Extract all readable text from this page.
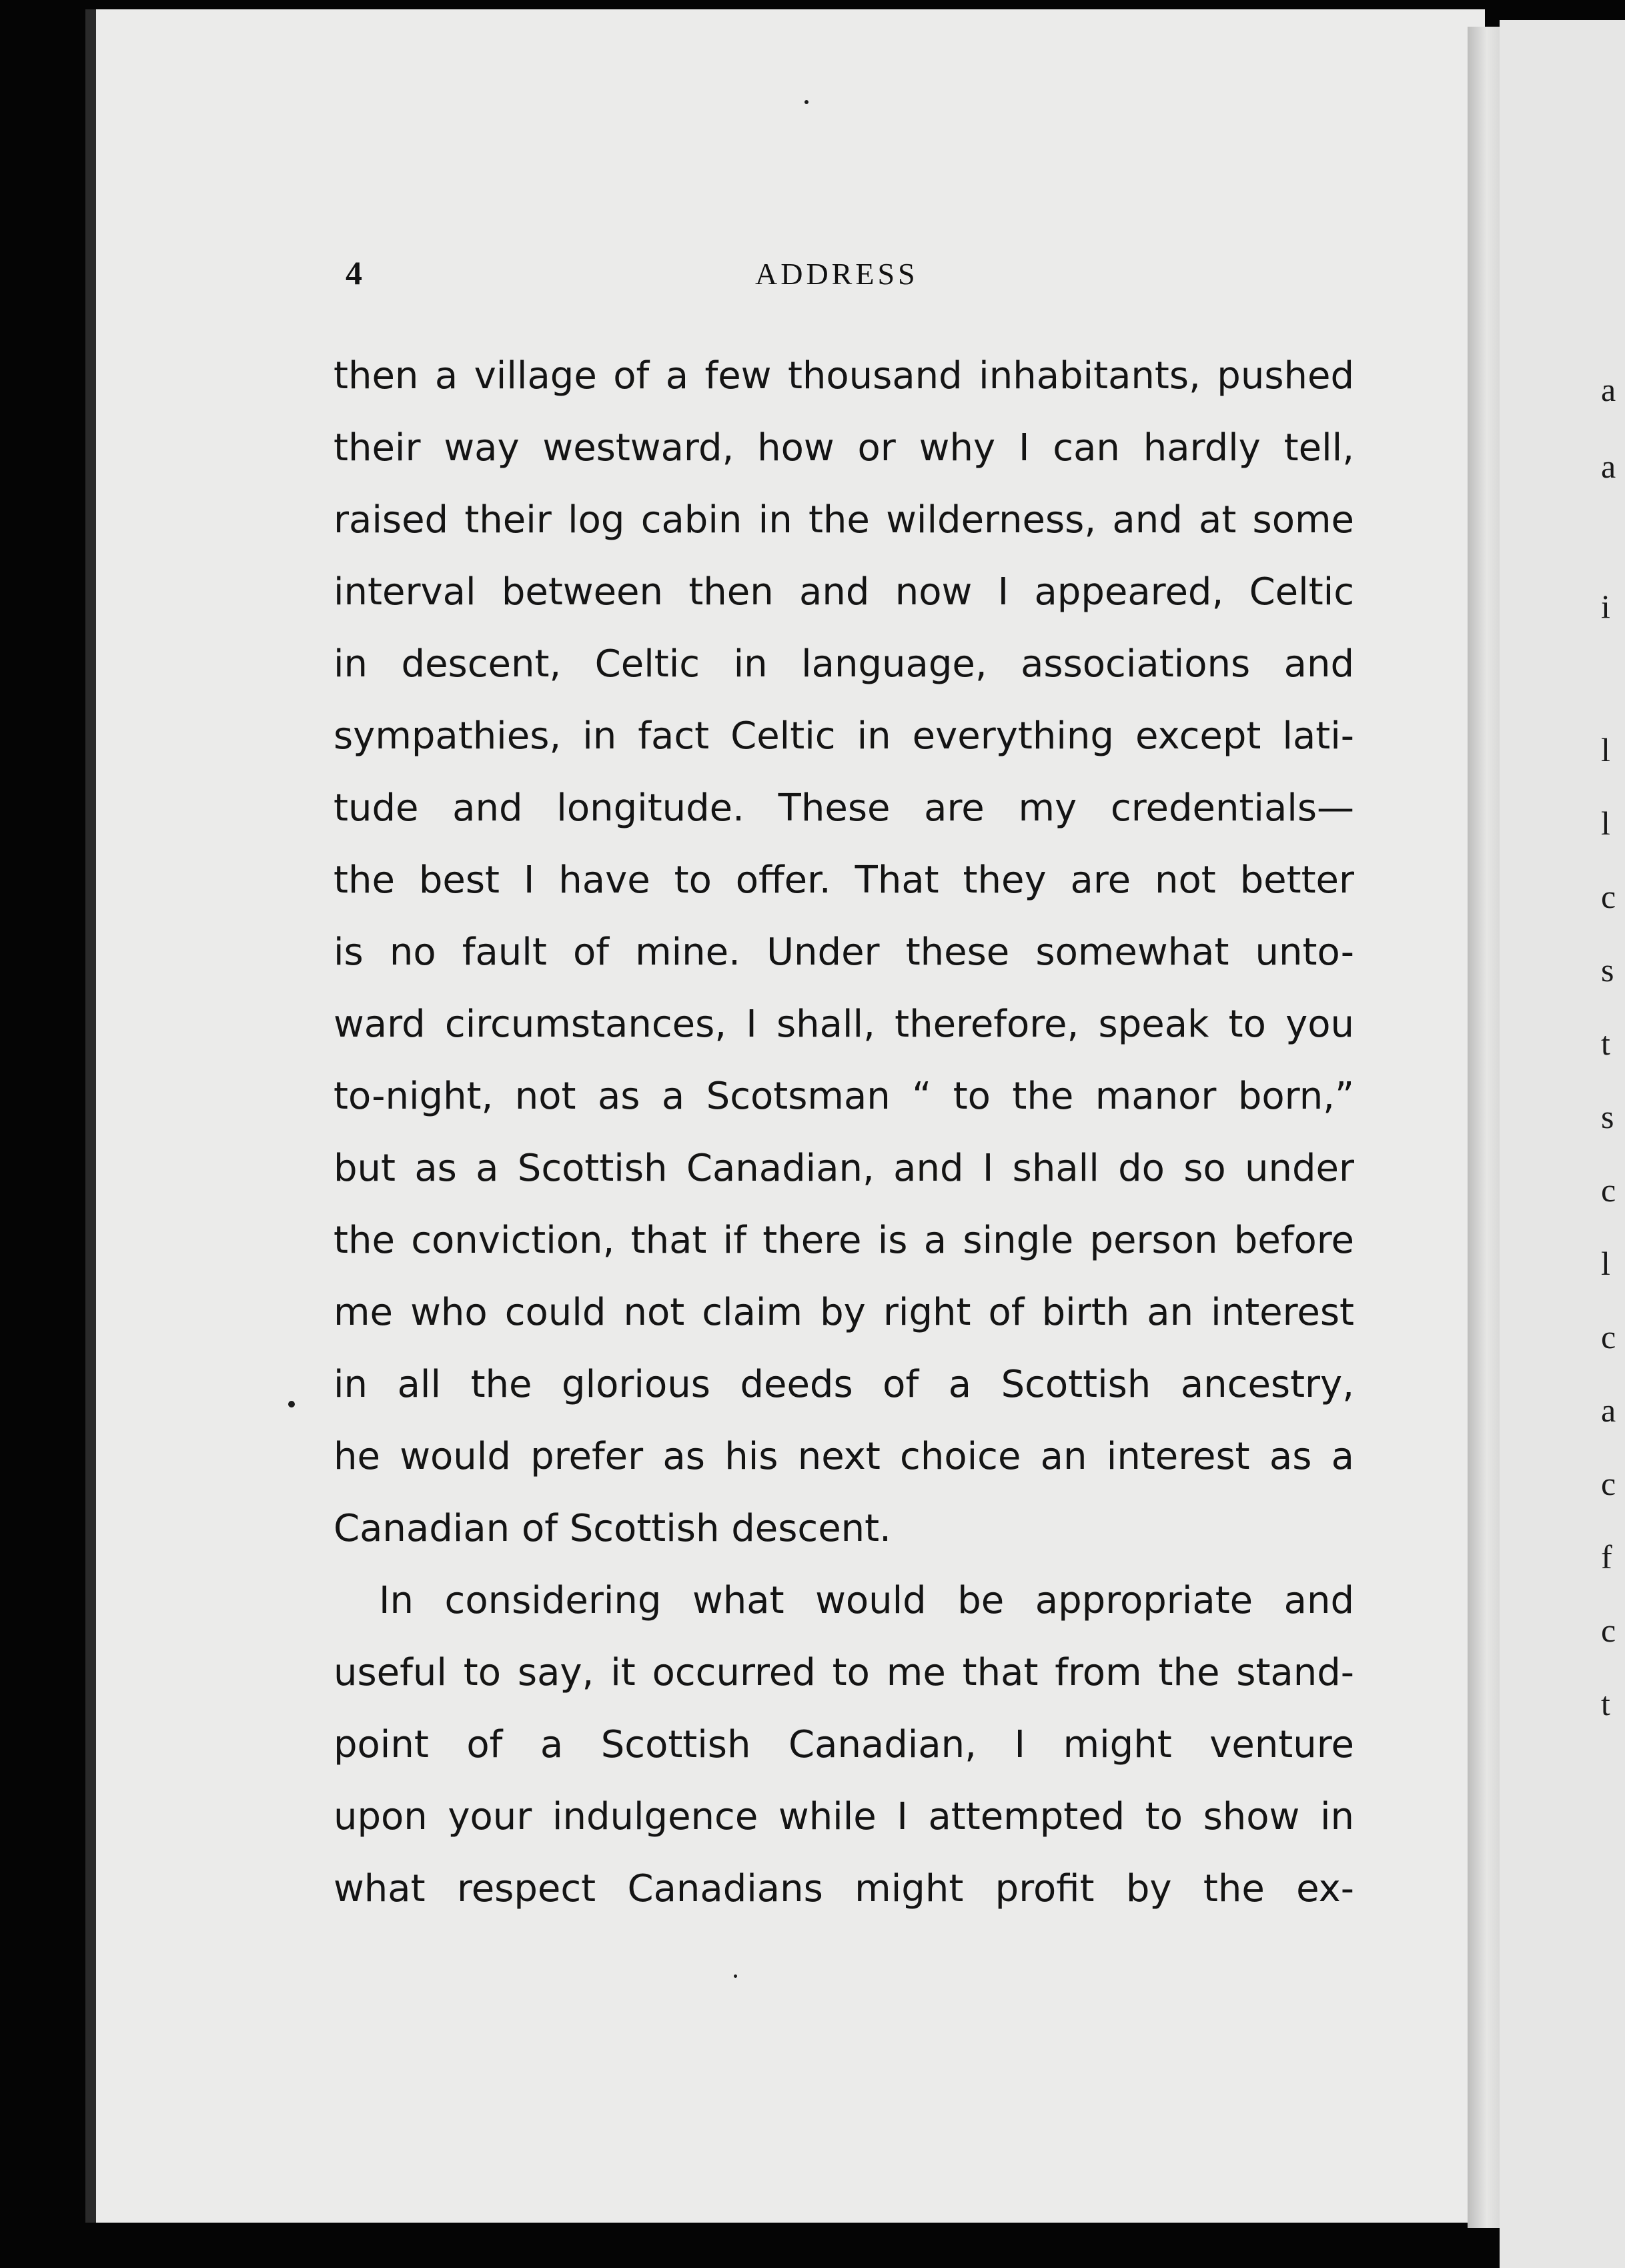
4	ADDRESS
then a village of a few thousand inhabitants, pushed
their way westward, how or why I can hardly tell,
raised their log cabin in the wilderness, and at some
interval between then and now I appeared, Celtic
in descent, Celtic in language, associations and
sympathies, in fact Celtic in everything except lati-
tude and longitude. These are my credentials—
the best I have to offer. That they are not better
is no fault of mine. Under these somewhat unto-
ward circumstances, I shall, therefore, speak to you
to-night, not as a Scotsman “ to the manor born,”
but as a Scottish Canadian, and I shall do so under
the conviction, that if there is a single person before
me who could not claim by right of birth an interest
in all the glorious deeds of a Scottish ancestry,
he would prefer as his next choice an interest as a
Canadian of Scottish descent.
In considering what would be appropriate and
useful to say, it occurred to me that from the stand-
point of a Scottish Canadian, I might venture
upon your indulgence while I attempted to show in
what respect Canadians might profit by the ex-
a
a
i
l
l
c
s
t
s
c
l
c
a
c
f
c
t
